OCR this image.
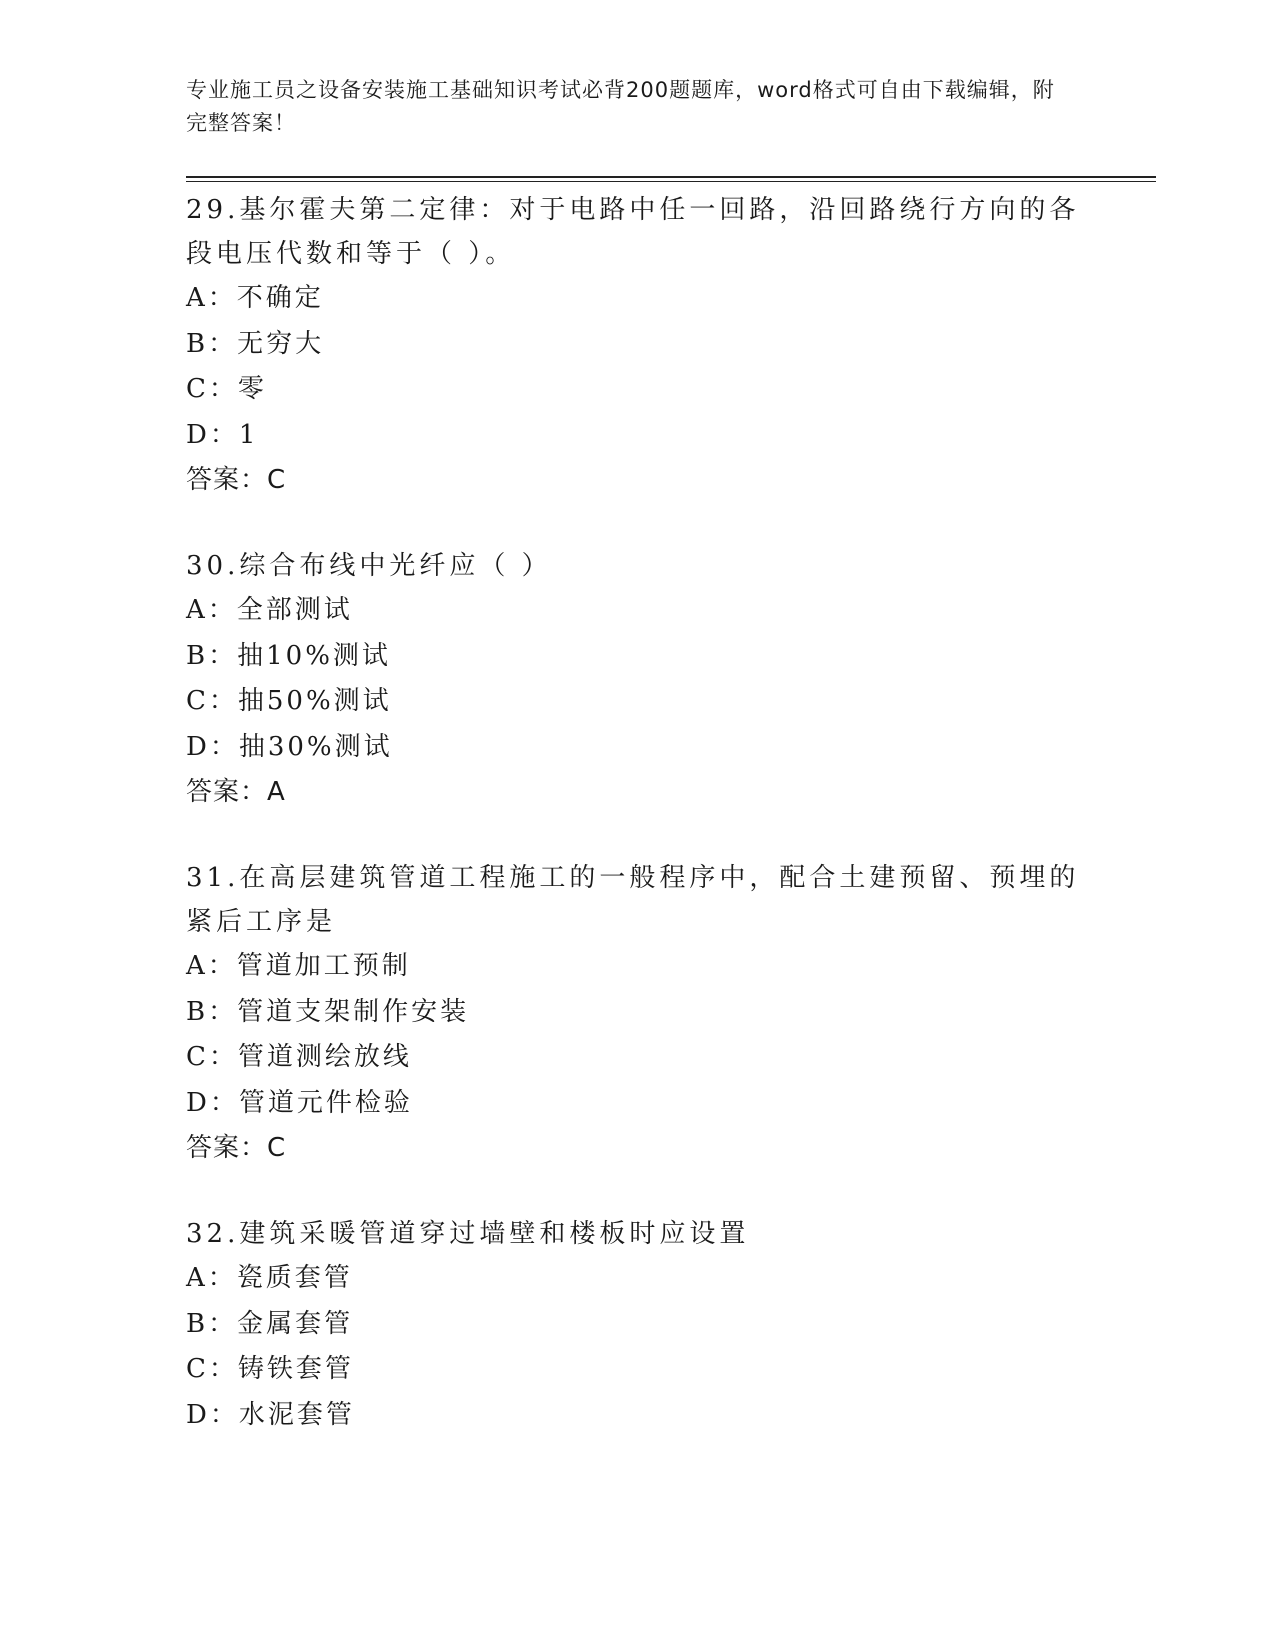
专业施工员之设备安装施工基础知识考试必背200题题库，word格式可自由下载编辑，附完整答案！
29.基尔霍夫第二定律：对于电路中任一回路，沿回路绕行方向的各段电压代数和等于（ ）。
A：不确定
B：无穷大
C：零
D：1
答案：C
30.综合布线中光纤应（ ）
A：全部测试
B：抽10%测试
C：抽50%测试
D：抽30%测试
答案：A
31.在高层建筑管道工程施工的一般程序中，配合土建预留、预埋的紧后工序是
A：管道加工预制
B：管道支架制作安装
C：管道测绘放线
D：管道元件检验
答案：C
32.建筑采暖管道穿过墙壁和楼板时应设置
A：瓷质套管
B：金属套管
C：铸铁套管
D：水泥套管
